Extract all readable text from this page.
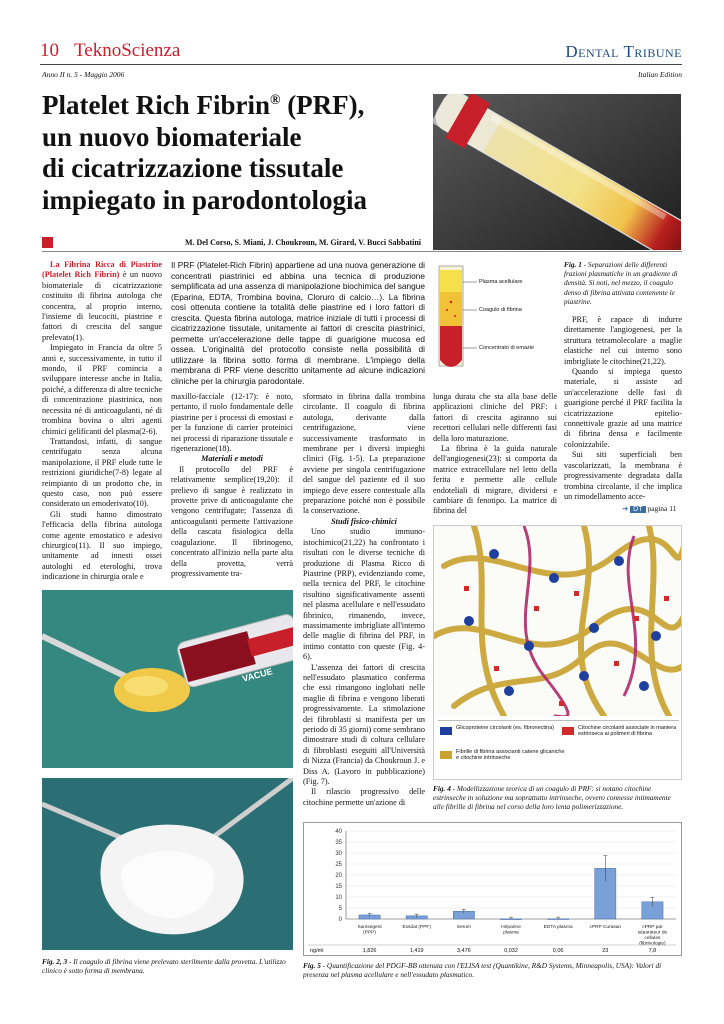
10 TeknoScienza	Dental Tribune
Anno II n. 5 - Maggio 2006	Italian Edition
Platelet Rich Fibrin® (PRF),
un nuovo biomateriale
di cicatrizzazione tissutale
impiegato in parodontologia
M. Del Corso, S. Miani, J. Choukroun, M. Girard, V. Bucci Sabbatini

La Fibrina Ricca di Piastrine (Platelet Rich Fibrin) è un nuovo biomateriale di cicatrizzazione costituito di fibrina autologa che concentra, al proprio interno, l'insieme di leucociti, piastrine e fattori di crescita del sangue prelevato(1).

Impiegato in Francia da oltre 5 anni e, successivamente, in tutto il mondo, il PRF comincia a sviluppare interesse anche in Italia, poiché, a differenza di altre tecniche di concentrazione piastrinica, non necessita né di anticoagulanti, né di trombina bovina o altri agenti chimici gelificanti del plasma(2-6).

Trattandosi, infatti, di sangue centrifugato senza alcuna manipolazione, il PRF elude tutte le restrizioni giuridiche(7-8) legate al reimpianto di un prodotto che, in questo caso, non può essere considerato un emoderivato(10).

Gli studi hanno dimostrato l'efficacia della fibrina autologa come agente emostatico e adesivo chirurgico(11). Il suo impiego, unitamente ad innesti ossei autologhi ed eterologhi, trova indicazione in chirurgia orale e

Il PRF (Platelet-Rich Fibrin) appartiene ad una nuova generazione di concentrati piastrinici ed abbina una tecnica di produzione semplificata ad una assenza di manipolazione biochimica del sangue (Eparina, EDTA, Trombina bovina, Cloruro di calcio…). La fibrina così ottenuta contiene la totalità delle piastrine ed i loro fattori di crescita. Questa fibrina autologa, matrice iniziale di tutti i processi di cicatrizzazione tissutale, unitamente ai fattori di crescita piastrinici, permette un'accelerazione delle tappe di guarigione mucosa ed ossea. L'originalità del protocollo consiste nella possibilità di utilizzare la fibrina sotto forma di membrane. L'impiego della membrana di PRF viene descritto unitamente ad alcune indicazioni cliniche per la chirurgia parodontale.

maxillo-facciale (12-17): è noto, pertanto, il ruolo fondamentale delle piastrine per i processi di emostasi e per la funzione di carrier proteinici nei processi di riparazione tissutale e rigenerazione(18).

Materiali e metodi

Il protocollo del PRF è relativamente semplice(19,20): il prelievo di sangue è realizzato in provette prive di anticoagulante che vengono centrifugate; l'assenza di anticoagulanti permette l'attivazione della cascata fisiologica della coagulazione. Il fibrinogeno, concentrato all'inizio nella parte alta della provetta, verrà progressivamente tra-

sformato in fibrina dalla trombina circolante. Il coagulo di fibrina autologa, derivante dalla centrifugazione, viene successivamente trasformato in membrane per i diversi impieghi clinici (Fig. 1-5). La preparazione avviene per singola centrifugazione del sangue del paziente ed il suo impiego deve essere contestuale alla preparazione poiché non è possibile la conservazione.

Studi fisico-chimici

Uno studio immuno-istochimico(21,22) ha confrontato i risultati con le diverse tecniche di produzione di Plasma Ricco di Piastrine (PRP), evidenziando come, nella tecnica del PRF, le citochine risultino significativamente assenti nel plasma acellulare e nell'essudato fibrinico, rimanendo, invece, massimamente imbrigliate all'interno delle maglie di fibrina del PRF, in intimo contatto con queste (Fig. 4-6).

L'assenza dei fattori di crescita nell'essudato plasmatico conferma che essi rimangono inglobati nelle maglie di fibrina e vengono liberati progressivamente. La stimolazione dei fibroblasti si manifesta per un periodo di 35 giorni) come sembrano dimostrare studi di coltura cellulare di fibroblasti eseguiti all'Università di Nizza (Francia) da Choukroun J. e Diss A. (Lavoro in pubblicazione) (Fig. 7).

Il rilascio progressivo delle citochine permette un'azione di

Plasma acellulare
Coagulo di fibrina
Concentrato di emazie
Fig. 1 - Separazioni delle differenti frazioni plasmatiche in un gradiente di densità. Si noti, nel mezzo, il coagulo denso di fibrina attivata contenente le piastrine.

lunga durata che sta alla base delle applicazioni cliniche del PRF: i fattori di crescita agiranno sui recettori cellulari nelle differenti fasi della loro maturazione.

La fibrina è la guida naturale dell'angiogenesi(23): si comporta da matrice extracellulare nel letto della ferita e permette alle cellule endoteliali di migrare, dividersi e cambiare di fenotipo. La matrice di fibrina del

PRF, è capace di indurre direttamente l'angiogenesi, per la struttura tetramolecolare a maglie elastiche nel cui interno sono imbrigliate le citochine(21,22).

Quando si impiega questo materiale, si assiste ad un'accelerazione delle fasi di guarigione perché il PRF facilita la cicatrizzazione epitelio-connettivale grazie ad una matrice di fibrina densa e facilmente colonizzabile.

Sui siti superficiali ben vascolarizzati, la membrana è progressivamente degradata dalla trombina circolante, il che implica un rimodellamento acce-

➔ DT pagina 11
Glicoproteine circolanti (es. fibronectina)	Citochine circolanti associate in maniera estrinseca ai polimeri di fibrina
Fibrille di fibrina associanti catene glicaniche e citochine intrinseche
Fig. 4 - Modellizzazione teorica di un coagulo di PRF: si notano citochine estrinseche in soluzione ma soprattutto intrinseche, ovvero connesse intimamente alle fibrille di fibrina nel corso della loro lenta polimerizzazione.
VACUE
Fig. 2, 3 - Il coagulo di fibrina viene prelevato sterilmente dalla provetta. L'utilizzo clinico è sotto forma di membrana.
0
5
10
15
20
25
30
35
40
Sumsegent (PPP)
1,826
Exsdat (PPF)
1,419
Serum
3,476
Héparine plasma
0,032
EDTA plasma
0,06
cPRP Curasan
23
cPRP par séparateur de cellules (fibrinologie)
7,8
ng/ml
Fig. 5 - Quantificazione del PDGF-BB ottenuta con l'ELISA test (Quantikine, R&D Systems, Minneapolis, USA): Valori di presenza nel plasma acellulare e nell'essudato plasmatico.
